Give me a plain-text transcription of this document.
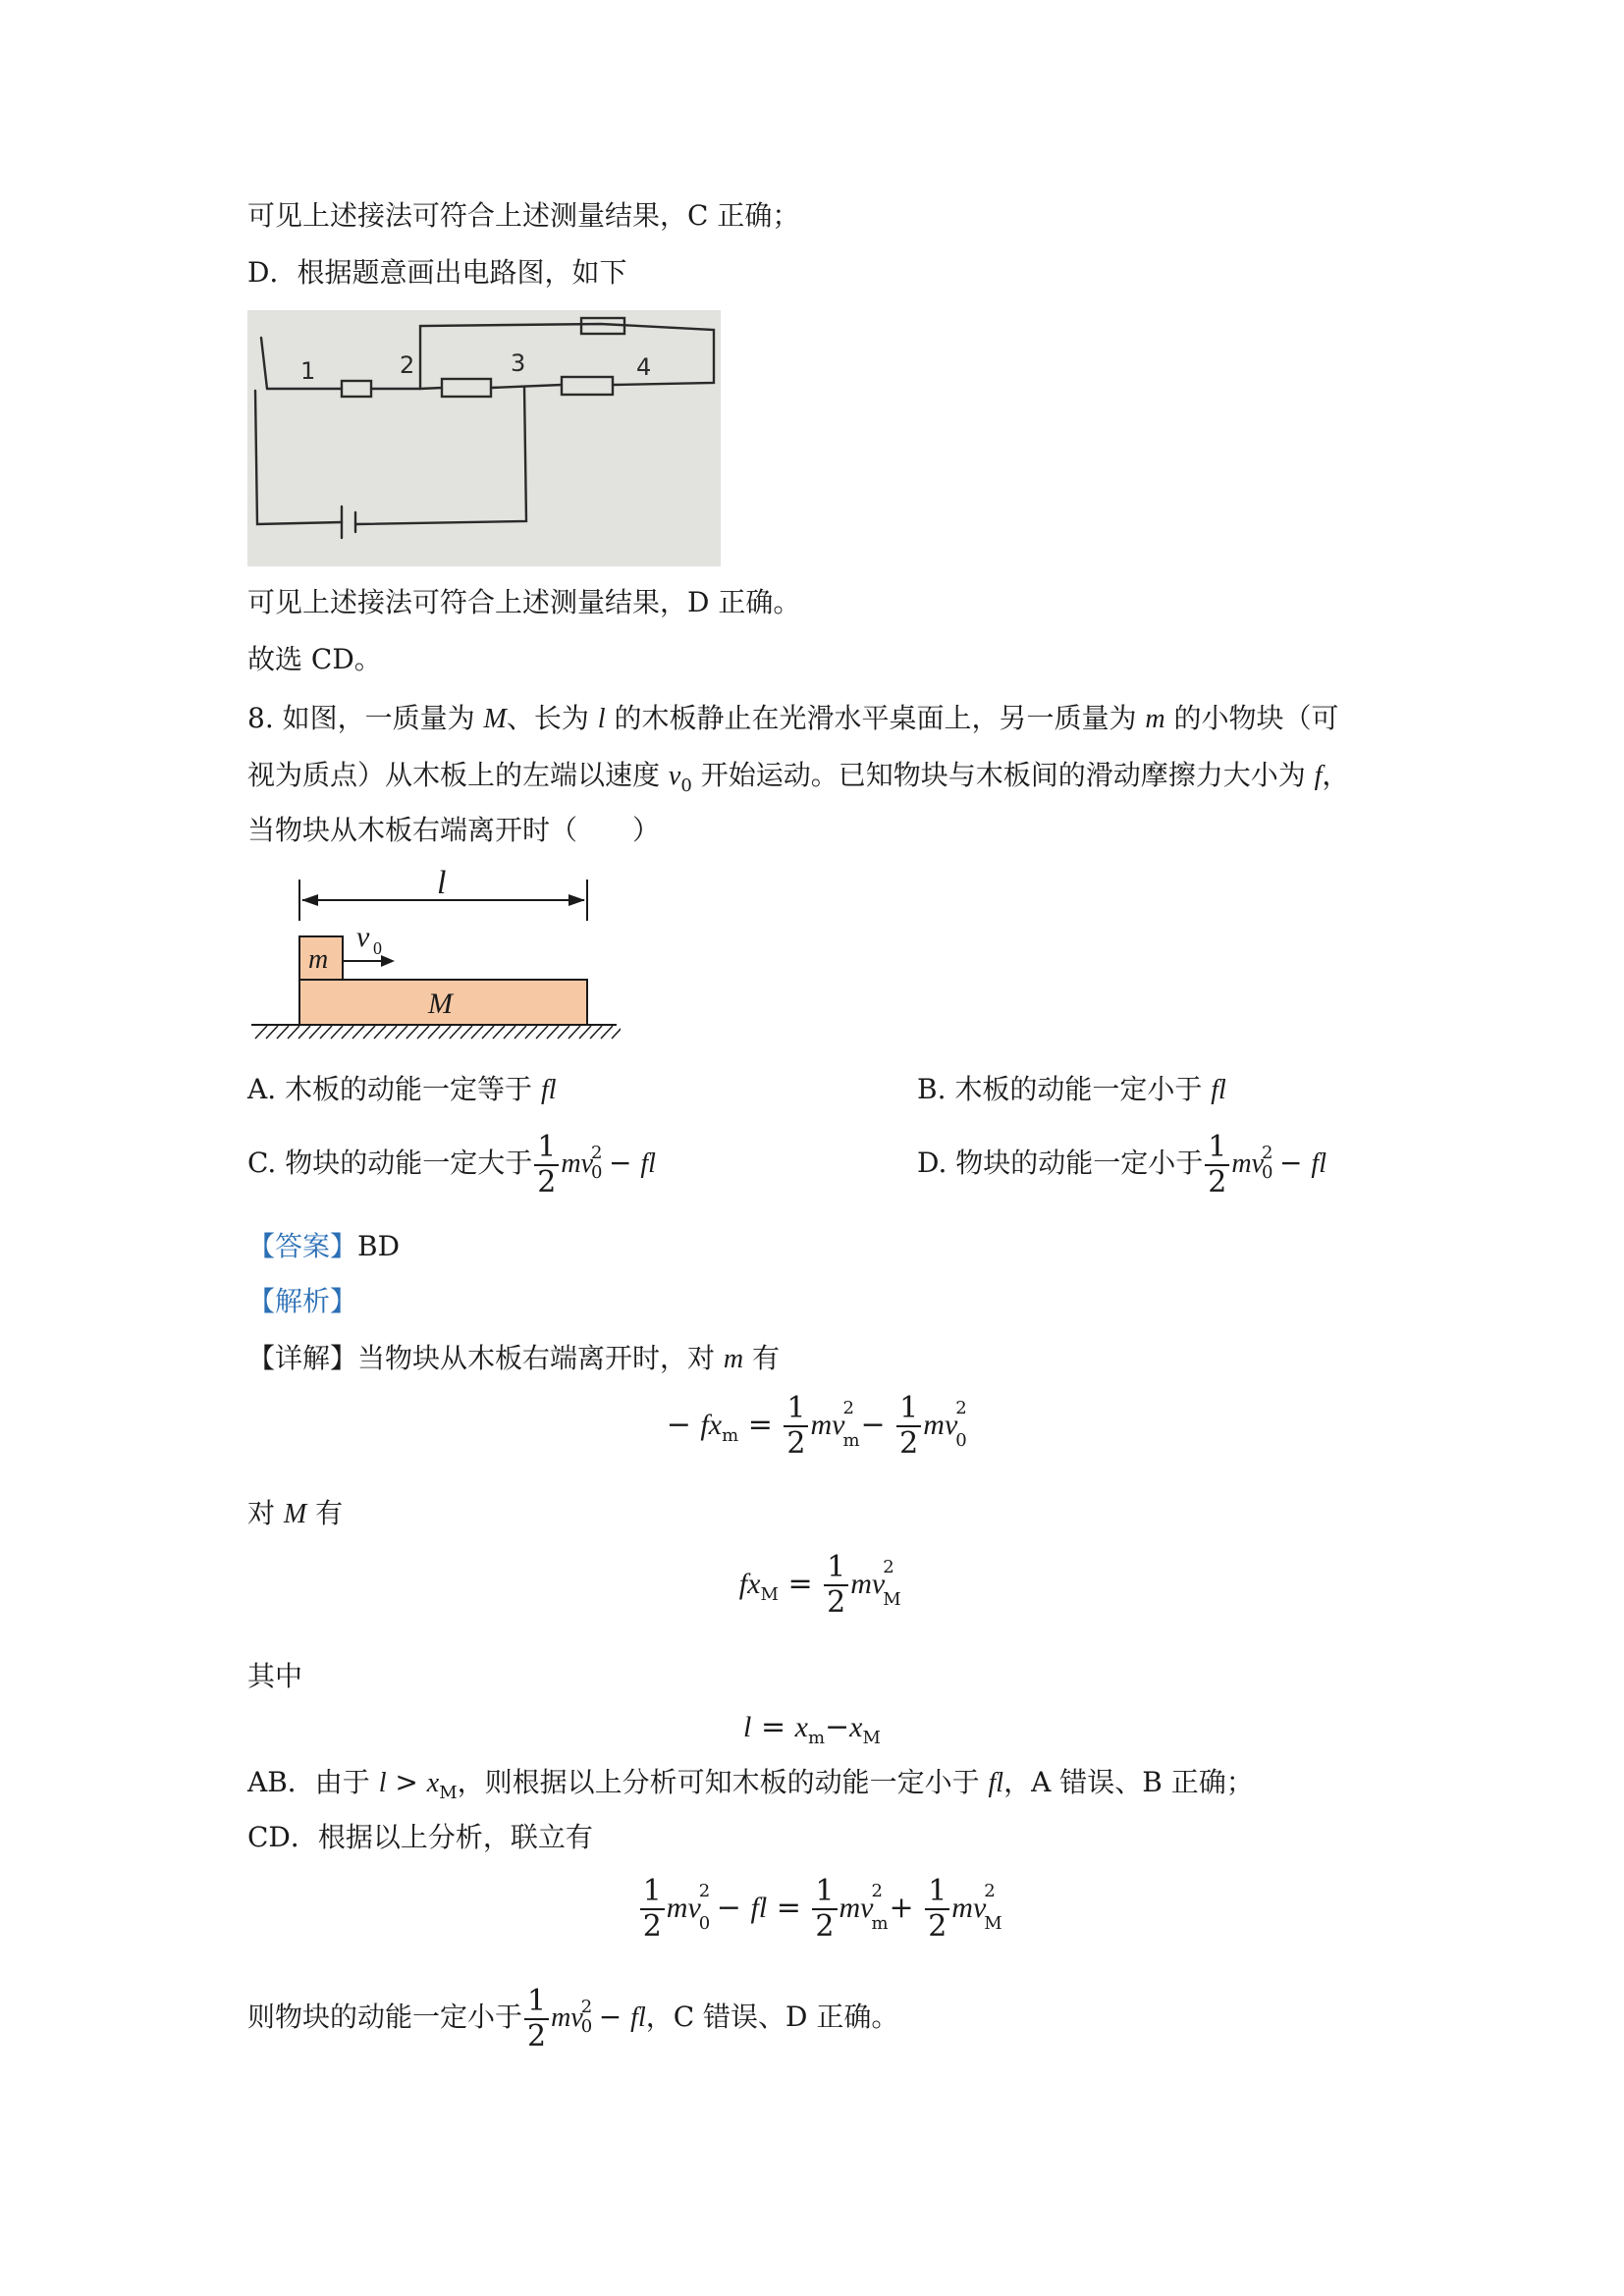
可见上述接法可符合上述测量结果，C 正确；
D．根据题意画出电路图，如下
1	2	3	4
可见上述接法可符合上述测量结果，D 正确。
故选 CD。
8. 如图，一质量为 M、长为 l 的木板静止在光滑水平桌面上，另一质量为 m 的小物块（可
视为质点）从木板上的左端以速度 $v_0$ 开始运动。已知物块与木板间的滑动摩擦力大小为 f，
当物块从木板右端离开时（　　）
l
m
v 0
M
A. 木板的动能一定等于 fl	B. 木板的动能一定小于 fl
C. 物块的动能一定大于 $\frac{1}{2}$ mv
2
0 − fl	D. 物块的动能一定小于 $\frac{1}{2}$ mv
2
0 − fl
【答案】BD
【解析】
【详解】当物块从木板右端离开时，对 m 有
− $fx_m = \frac{1}{2}$ mv
2
$m - \frac{1}{2}$ mv
2
0
对 M 有
$fx_M = \frac{1}{2}$ mv
2
M
其中
$l = x_m-x_M$
AB．由于 $l > x_M$，则根据以上分析可知木板的动能一定小于 fl，A 错误、B 正确；
CD．根据以上分析，联立有
$\frac{1}{2}$ mv
2
0 − fl = $\frac{1}{2}$ mv
2
$m + \frac{1}{2}$ mv
2
M
则物块的动能一定小于 $\frac{1}{2}$ mv
2
0 − fl，C 错误、D 正确。
